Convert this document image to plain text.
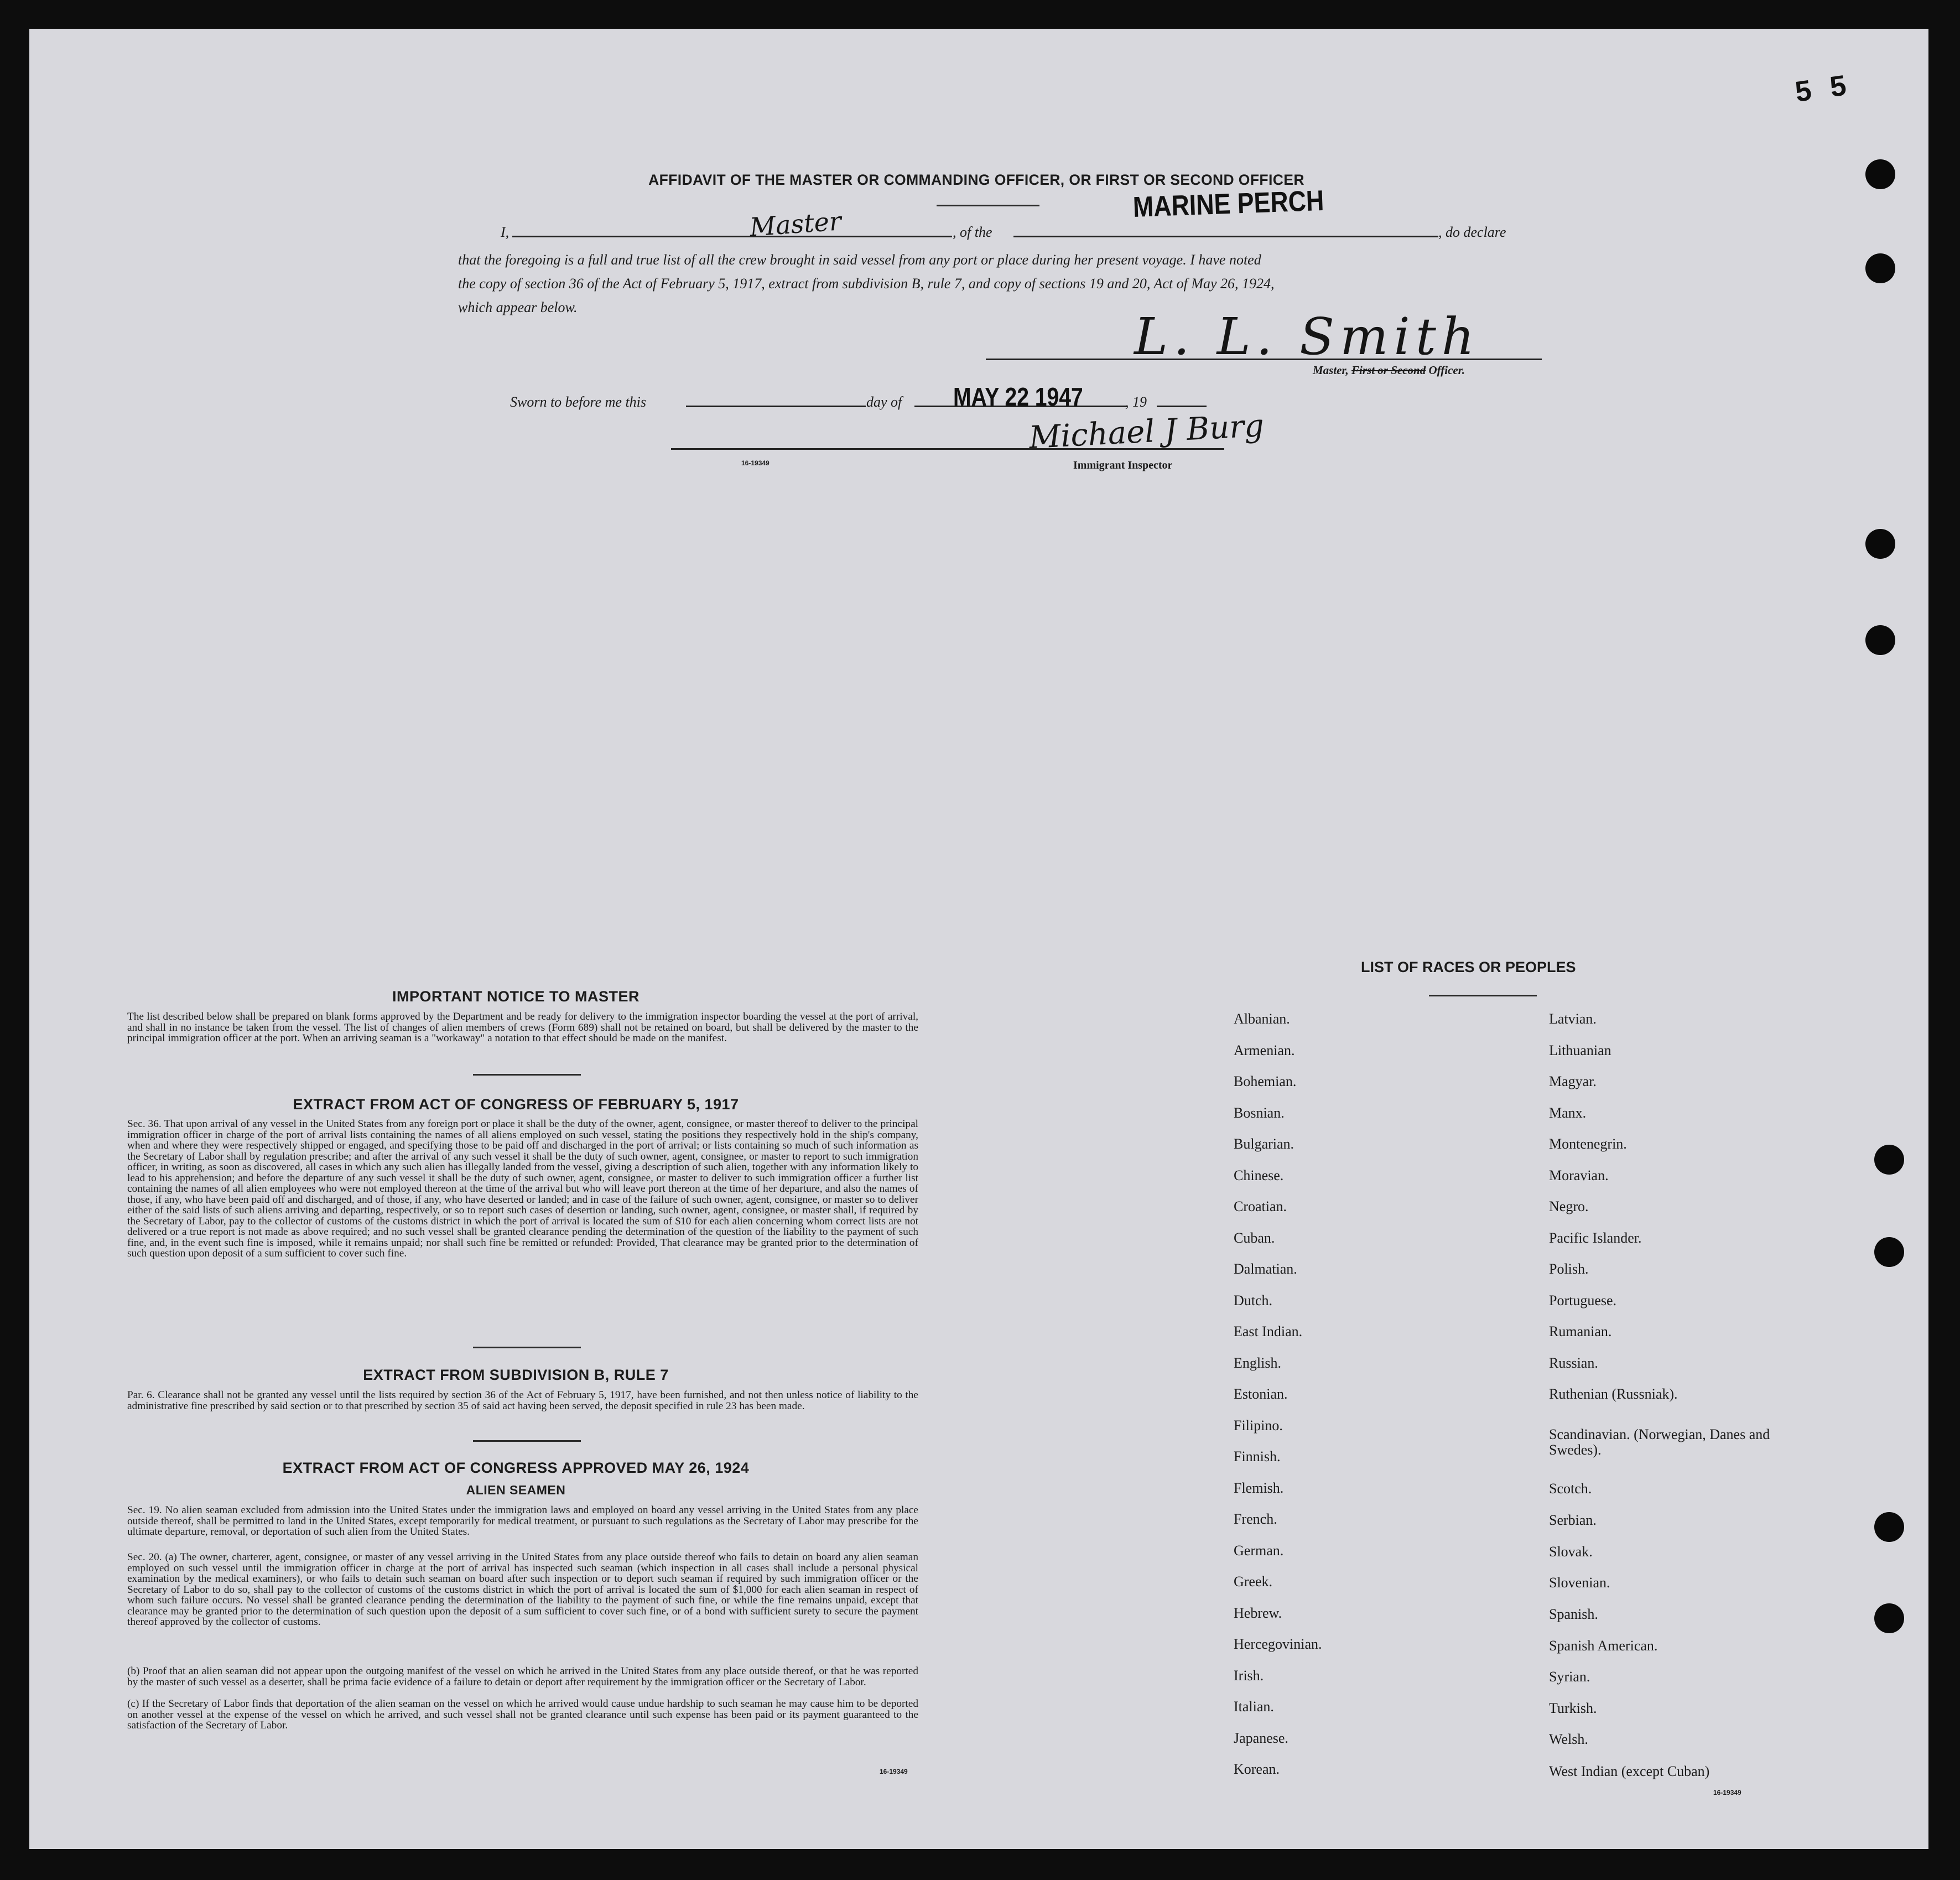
5 5
AFFIDAVIT OF THE MASTER OR COMMANDING OFFICER, OR FIRST OR SECOND OFFICER
I,	Master	, of the
MARINE PERCH
, do declare
that the foregoing is a full and true list of all the crew brought in said vessel from any port or place during her present voyage. I have noted
the copy of section 36 of the Act of February 5, 1917, extract from subdivision B, rule 7, and copy of sections 19 and 20, Act of May 26, 1924,
which appear below.	L. L. Smith
Master, First or Second Officer.
Sworn to before me this	day of MAY 22 1947	, 19
Michael J Burg
16-19349	Immigrant Inspector
IMPORTANT NOTICE TO MASTER
The list described below shall be prepared on blank forms approved by the Department and be ready for delivery to the immigration inspector boarding the vessel at the port of arrival, and shall in no instance be taken from the vessel. The list of changes of alien members of crews (Form 689) shall not be retained on board, but shall be delivered by the master to the principal immigration officer at the port. When an arriving seaman is a "workaway" a notation to that effect should be made on the manifest.
EXTRACT FROM ACT OF CONGRESS OF FEBRUARY 5, 1917
Sec. 36. That upon arrival of any vessel in the United States from any foreign port or place it shall be the duty of the owner, agent, consignee, or master thereof to deliver to the principal immigration officer in charge of the port of arrival lists containing the names of all aliens employed on such vessel, stating the positions they respectively hold in the ship's company, when and where they were respectively shipped or engaged, and specifying those to be paid off and discharged in the port of arrival; or lists containing so much of such information as the Secretary of Labor shall by regulation prescribe; and after the arrival of any such vessel it shall be the duty of such owner, agent, consignee, or master to report to such immigration officer, in writing, as soon as discovered, all cases in which any such alien has illegally landed from the vessel, giving a description of such alien, together with any information likely to lead to his apprehension; and before the departure of any such vessel it shall be the duty of such owner, agent, consignee, or master to deliver to such immigration officer a further list containing the names of all alien employees who were not employed thereon at the time of the arrival but who will leave port thereon at the time of her departure, and also the names of those, if any, who have been paid off and discharged, and of those, if any, who have deserted or landed; and in case of the failure of such owner, agent, consignee, or master so to deliver either of the said lists of such aliens arriving and departing, respectively, or so to report such cases of desertion or landing, such owner, agent, consignee, or master shall, if required by the Secretary of Labor, pay to the collector of customs of the customs district in which the port of arrival is located the sum of $10 for each alien concerning whom correct lists are not delivered or a true report is not made as above required; and no such vessel shall be granted clearance pending the determination of the question of the liability to the payment of such fine, and, in the event such fine is imposed, while it remains unpaid; nor shall such fine be remitted or refunded: Provided, That clearance may be granted prior to the determination of such question upon deposit of a sum sufficient to cover such fine.
EXTRACT FROM SUBDIVISION B, RULE 7
Par. 6. Clearance shall not be granted any vessel until the lists required by section 36 of the Act of February 5, 1917, have been furnished, and not then unless notice of liability to the administrative fine prescribed by said section or to that prescribed by section 35 of said act having been served, the deposit specified in rule 23 has been made.
EXTRACT FROM ACT OF CONGRESS APPROVED MAY 26, 1924
ALIEN SEAMEN
Sec. 19. No alien seaman excluded from admission into the United States under the immigration laws and employed on board any vessel arriving in the United States from any place outside thereof, shall be permitted to land in the United States, except temporarily for medical treatment, or pursuant to such regulations as the Secretary of Labor may prescribe for the ultimate departure, removal, or deportation of such alien from the United States.
Sec. 20. (a) The owner, charterer, agent, consignee, or master of any vessel arriving in the United States from any place outside thereof who fails to detain on board any alien seaman employed on such vessel until the immigration officer in charge at the port of arrival has inspected such seaman (which inspection in all cases shall include a personal physical examination by the medical examiners), or who fails to detain such seaman on board after such inspection or to deport such seaman if required by such immigration officer or the Secretary of Labor to do so, shall pay to the collector of customs of the customs district in which the port of arrival is located the sum of $1,000 for each alien seaman in respect of whom such failure occurs. No vessel shall be granted clearance pending the determination of the liability to the payment of such fine, or while the fine remains unpaid, except that clearance may be granted prior to the determination of such question upon the deposit of a sum sufficient to cover such fine, or of a bond with sufficient surety to secure the payment thereof approved by the collector of customs.
(b) Proof that an alien seaman did not appear upon the outgoing manifest of the vessel on which he arrived in the United States from any place outside thereof, or that he was reported by the master of such vessel as a deserter, shall be prima facie evidence of a failure to detain or deport after requirement by the immigration officer or the Secretary of Labor.
(c) If the Secretary of Labor finds that deportation of the alien seaman on the vessel on which he arrived would cause undue hardship to such seaman he may cause him to be deported on another vessel at the expense of the vessel on which he arrived, and such vessel shall not be granted clearance until such expense has been paid or its payment guaranteed to the satisfaction of the Secretary of Labor.
16-19349
LIST OF RACES OR PEOPLES
Albanian.
Armenian.
Bohemian.
Bosnian.
Bulgarian.
Chinese.
Croatian.
Cuban.
Dalmatian.
Dutch.
East Indian.
English.
Estonian.
Filipino.
Finnish.
Flemish.
French.
German.
Greek.
Hebrew.
Hercegovinian.
Irish.
Italian.
Japanese.
Korean.
Latvian.
Lithuanian
Magyar.
Manx.
Montenegrin.
Moravian.
Negro.
Pacific Islander.
Polish.
Portuguese.
Rumanian.
Russian.
Ruthenian (Russniak).
Scandinavian. (Norwegian, Danes and Swedes).
Scotch.
Serbian.
Slovak.
Slovenian.
Spanish.
Spanish American.
Syrian.
Turkish.
Welsh.
West Indian (except Cuban)
16-19349
